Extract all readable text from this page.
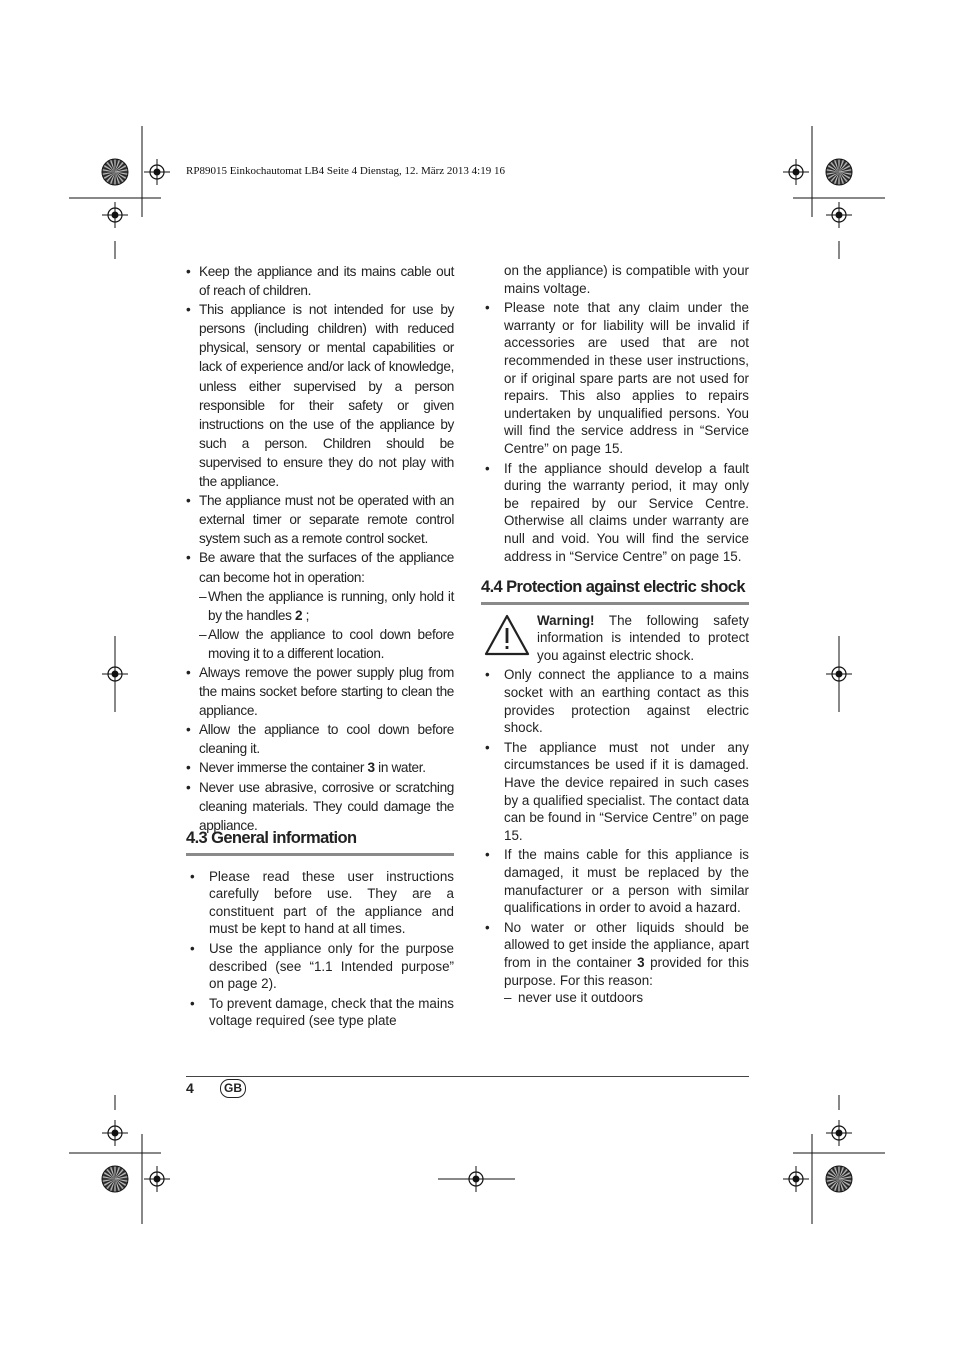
RP89015 Einkochautomat LB4 Seite 4 Dienstag, 12. März 2013 4:19 16
• Keep the appliance and its mains cable out of reach of children.
• This appliance is not intended for use by persons (including children) with reduced physical, sensory or mental capabilities or lack of experience and/or lack of knowledge, unless either supervised by a person responsible for their safety or given instructions on the use of the appliance by such a person. Children should be supervised to ensure they do not play with the appliance.
• The appliance must not be operated with an external timer or separate remote control system such as a remote control socket.
• Be aware that the surfaces of the appliance can become hot in operation:
– When the appliance is running, only hold it by the handles 2 ;
– Allow the appliance to cool down before moving it to a different location.
• Always remove the power supply plug from the mains socket before starting to clean the appliance.
• Allow the appliance to cool down before cleaning it.
• Never immerse the container 3 in water.
• Never use abrasive, corrosive or scratching cleaning materials. They could damage the appliance.
4.3 General information
• Please read these user instructions carefully before use. They are a constituent part of the appliance and must be kept to hand at all times.
• Use the appliance only for the purpose described (see “1.1 Intended purpose” on page 2).
• To prevent damage, check that the mains voltage required (see type plate
on the appliance) is compatible with your mains voltage.
• Please note that any claim under the warranty or for liability will be invalid if accessories are used that are not recommended in these user instructions, or if original spare parts are not used for repairs. This also applies to repairs undertaken by unqualified persons. You will find the service address in “Service Centre” on page 15.
• If the appliance should develop a fault during the warranty period, it may only be repaired by our Service Centre. Otherwise all claims under warranty are null and void. You will find the service address in “Service Centre” on page 15.
4.4 Protection against electric shock
Warning! The following safety information is intended to protect you against electric shock.
• Only connect the appliance to a mains socket with an earthing contact as this provides protection against electric shock.
• The appliance must not under any circumstances be used if it is damaged. Have the device repaired in such cases by a qualified specialist. The contact data can be found in “Service Centre” on page 15.
• If the mains cable for this appliance is damaged, it must be replaced by the manufacturer or a person with similar qualifications in order to avoid a hazard.
• No water or other liquids should be allowed to get inside the appliance, apart from in the container 3 provided for this purpose. For this reason:
– never use it outdoors
4	GB
